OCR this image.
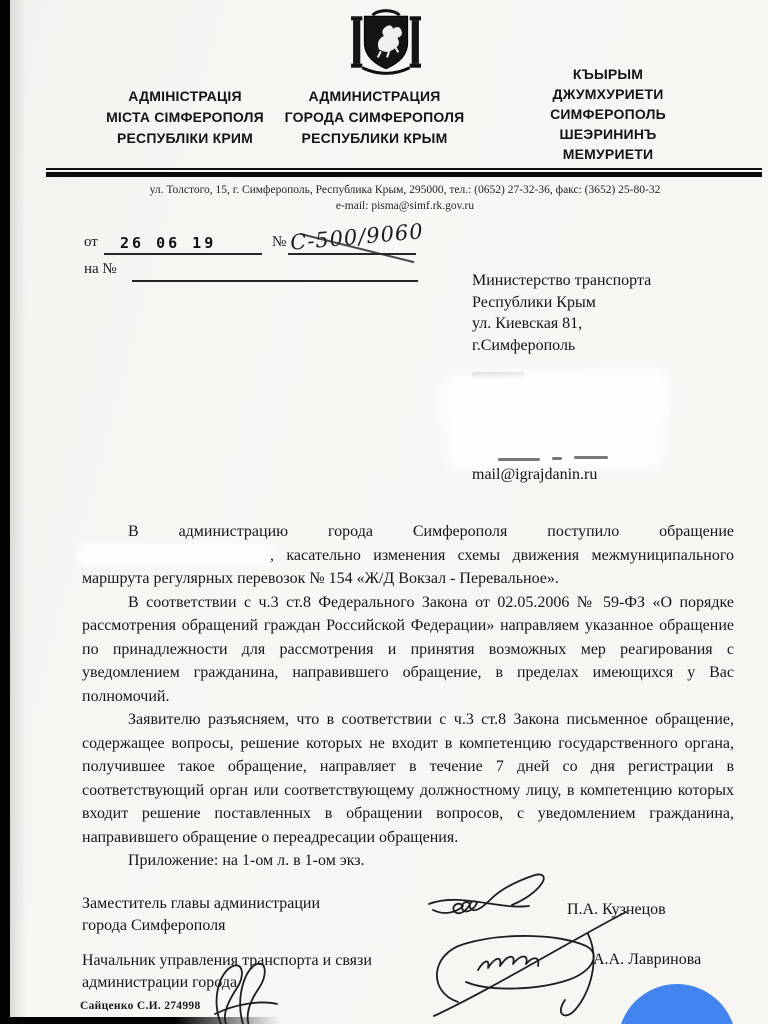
АДМІНІСТРАЦІЯ
МІСТА СІМФЕРОПОЛЯ
РЕСПУБЛІКИ КРИМ
АДМИНИСТРАЦИЯ
ГОРОДА СИМФЕРОПОЛЯ
РЕСПУБЛИКИ КРЫМ
КЪЫРЫМ
ДЖУМХУРИЕТИ
СИМФЕРОПОЛЬ
ШЕЭРИНИНЪ
МЕМУРИЕТИ
ул. Толстого, 15, г. Симферополь, Республика Крым, 295000, тел.: (0652) 27-32-36, факс: (3652) 25-80-32
e-mail: pisma@simf.rk.gov.ru
от 26 06 19	№ С-500/9060
на №
Министерство транспорта
Республики Крым
ул. Киевская 81,
г.Симферополь
mail@igrajdanin.ru

В администрацию города Симферополя поступило обращение , касательно изменения схемы движения межмуниципального маршрута регулярных перевозок № 154 «Ж/Д Вокзал - Перевальное».

В соответствии с ч.3 ст.8 Федерального Закона от 02.05.2006 № 59-ФЗ «О порядке рассмотрения обращений граждан Российской Федерации» направляем указанное обращение по принадлежности для рассмотрения и принятия возможных мер реагирования с уведомлением гражданина, направившего обращение, в пределах имеющихся у Вас полномочий.

Заявителю разъясняем, что в соответствии с ч.3 ст.8 Закона письменное обращение, содержащее вопросы, решение которых не входит в компетенцию государственного органа, получившее такое обращение, направляет в течение 7 дней со дня регистрации в соответствующий орган или соответствующему должностному лицу, в компетенцию которых входит решение поставленных в обращении вопросов, с уведомлением гражданина, направившего обращение о переадресации обращения.

Приложение: на 1-ом л. в 1-ом экз.

Заместитель главы администрации
города Симферополя
П.А. Кузнецов
Начальник управления транспорта и связи
администрации города
А.А. Лавринова
Сайценко С.И. 274998
